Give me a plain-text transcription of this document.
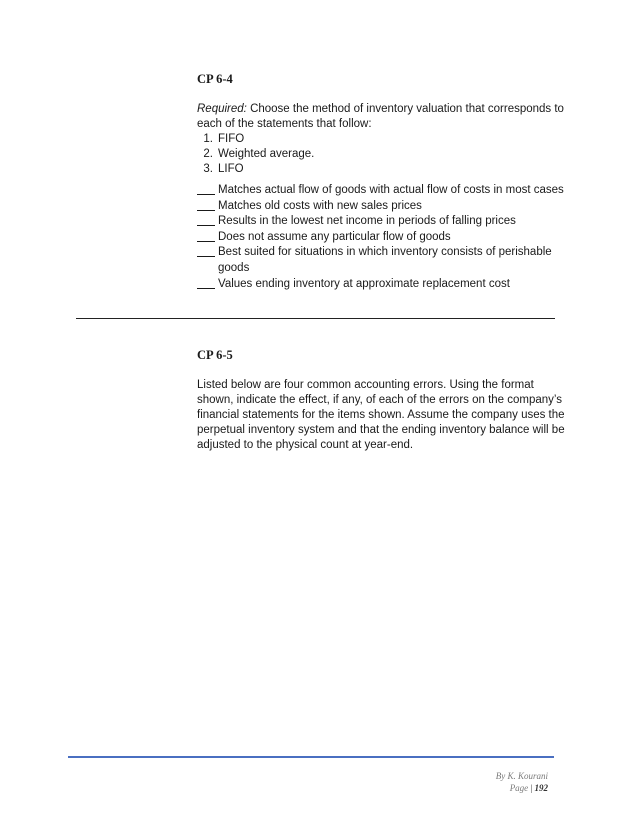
CP 6-4

Required: Choose the method of inventory valuation that corresponds to each of the statements that follow:

1. FIFO
2. Weighted average.
3. LIFO
Matches actual flow of goods with actual flow of costs in most cases
Matches old costs with new sales prices
Results in the lowest net income in periods of falling prices
Does not assume any particular flow of goods
Best suited for situations in which inventory consists of perishable goods
Values ending inventory at approximate replacement cost

CP 6-5

Listed below are four common accounting errors. Using the format shown, indicate the effect, if any, of each of the errors on the company’s financial statements for the items shown. Assume the company uses the perpetual inventory system and that the ending inventory balance will be adjusted to the physical count at year-end.

By K. Kourani
Page | 192
